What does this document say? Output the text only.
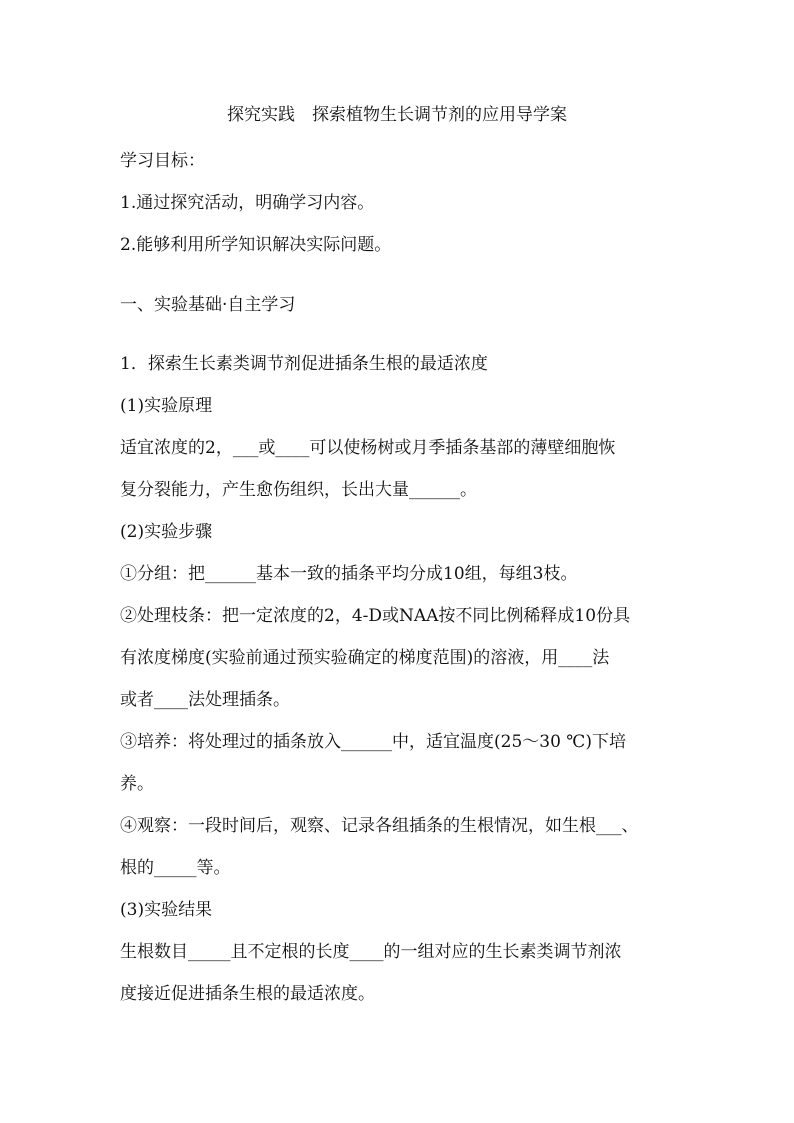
探究实践　探索植物生长调节剂的应用导学案
学习目标：
1.通过探究活动，明确学习内容。
2.能够利用所学知识解决实际问题。
一、实验基础·自主学习
1．探索生长素类调节剂促进插条生根的最适浓度
(1)实验原理
适宜浓度的2，___或____可以使杨树或月季插条基部的薄壁细胞恢
复分裂能力，产生愈伤组织，长出大量______。
(2)实验步骤
①分组：把______基本一致的插条平均分成10组，每组3枝。
②处理枝条：把一定浓度的2，4-D或NAA按不同比例稀释成10份具
有浓度梯度(实验前通过预实验确定的梯度范围)的溶液，用____法
或者____法处理插条。
③培养：将处理过的插条放入______中，适宜温度(25～30 ℃)下培
养。
④观察：一段时间后，观察、记录各组插条的生根情况，如生根___、
根的_____等。
(3)实验结果
生根数目_____且不定根的长度____的一组对应的生长素类调节剂浓
度接近促进插条生根的最适浓度。
